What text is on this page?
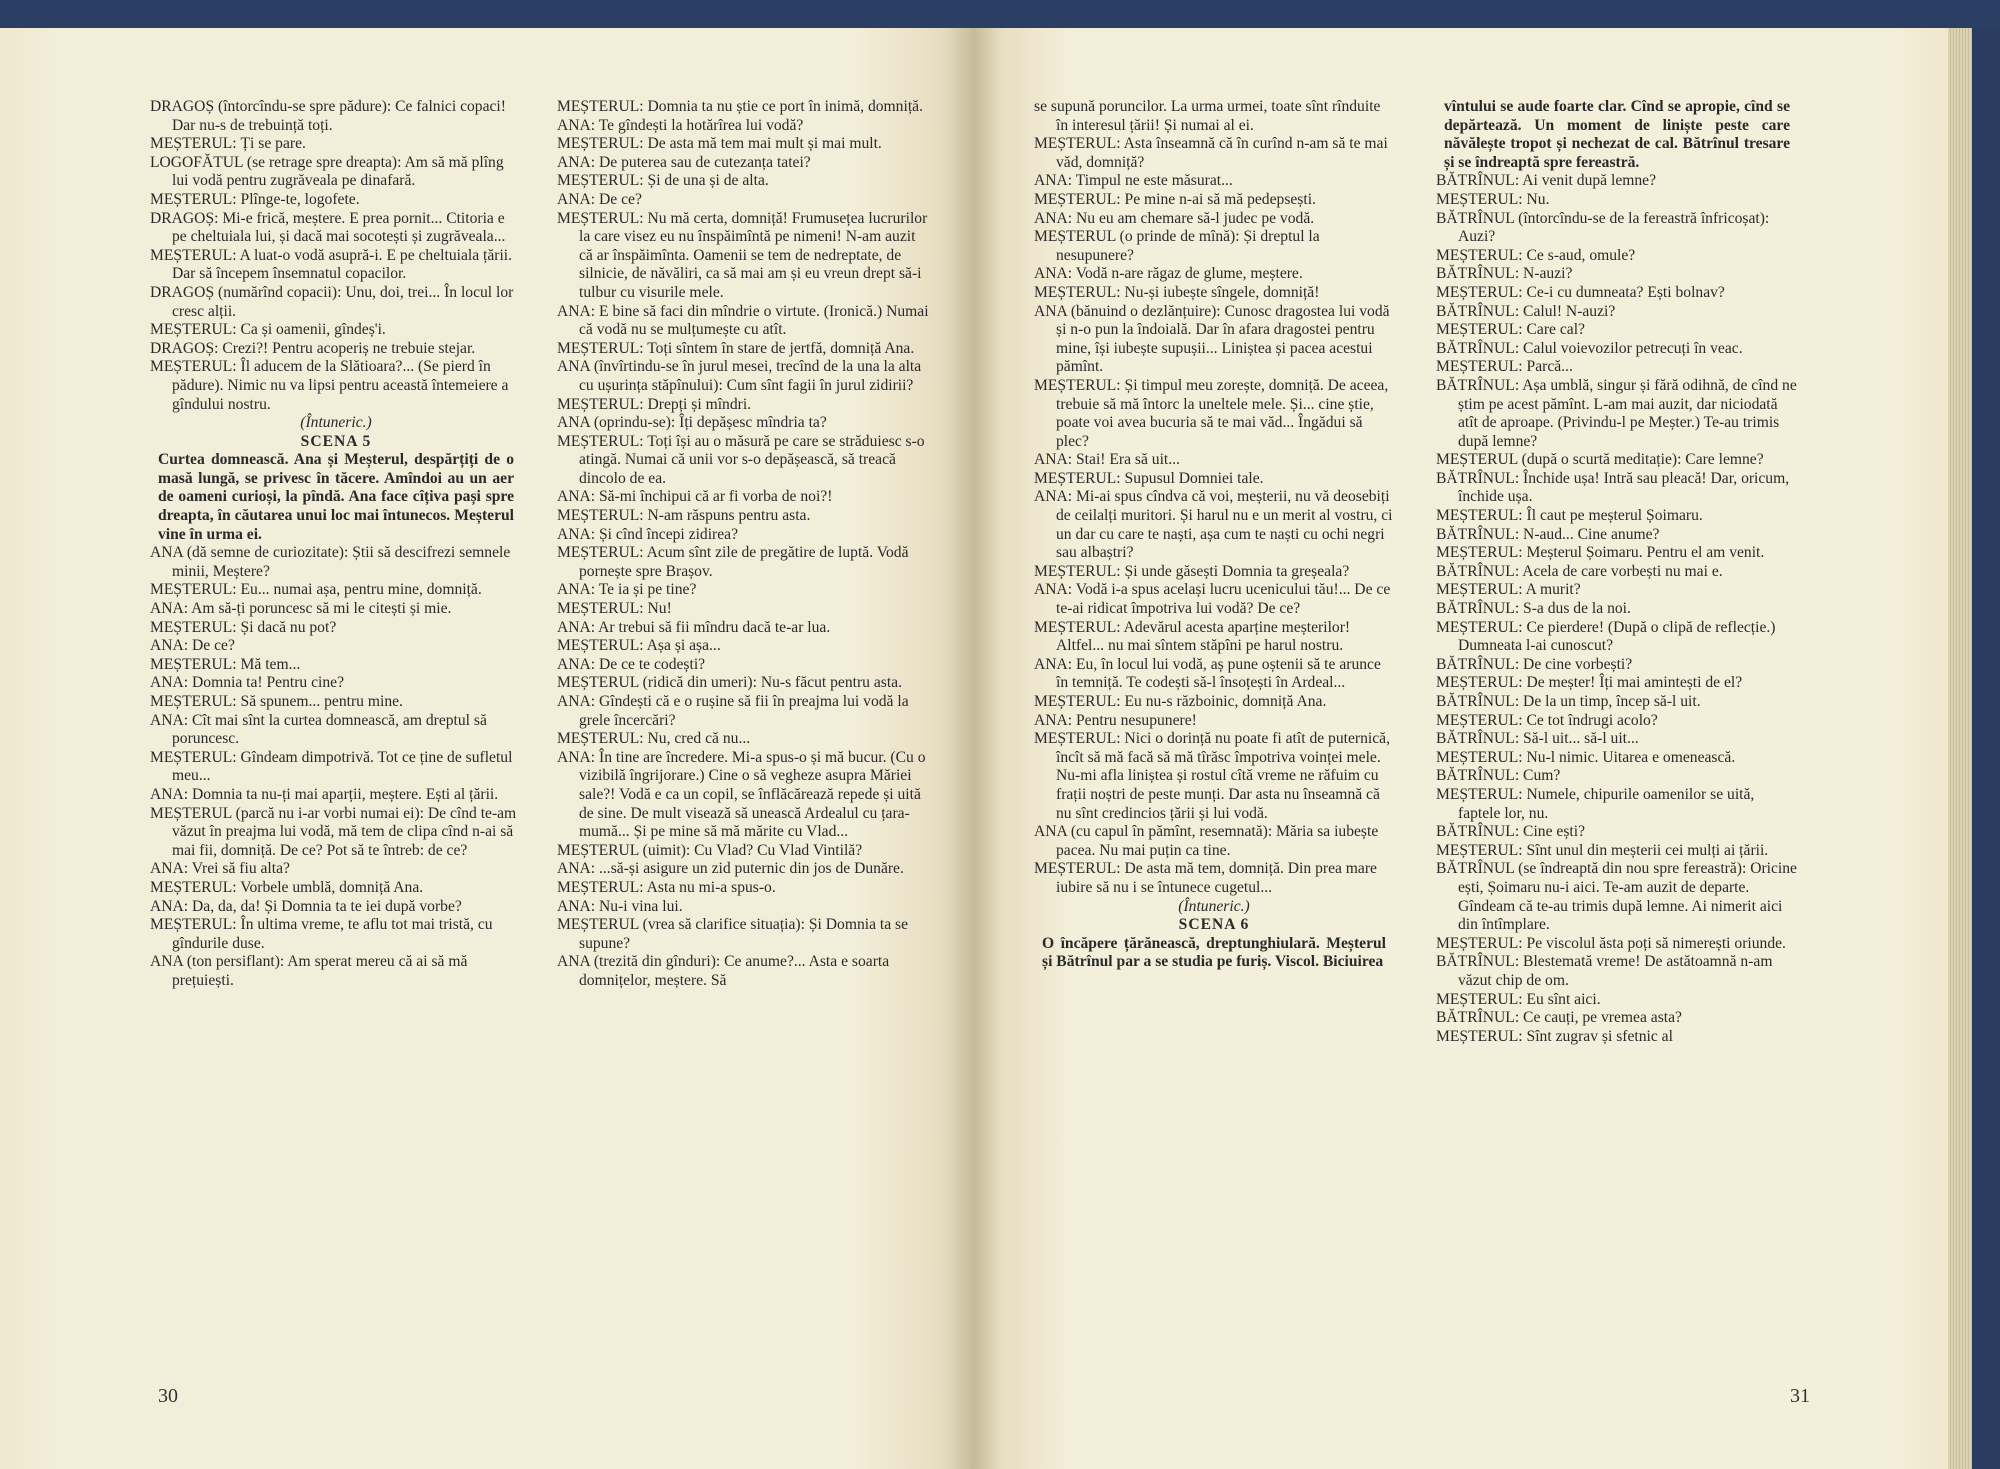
DRAGOȘ (întorcîndu-se spre pădure): Ce falnici copaci! Dar nu-s de trebuință toți.

MEȘTERUL: Ți se pare.

LOGOFĂTUL (se retrage spre dreapta): Am să mă plîng lui vodă pentru zugrăveala pe dinafară.

MEȘTERUL: Plînge-te, logofete.

DRAGOȘ: Mi-e frică, meștere. E prea pornit... Ctitoria e pe cheltuiala lui, și dacă mai socotești și zugrăveala...

MEȘTERUL: A luat-o vodă asupră-i. E pe cheltuiala țării. Dar să începem însemnatul copacilor.

DRAGOȘ (numărînd copacii): Unu, doi, trei... În locul lor cresc alții.

MEȘTERUL: Ca și oamenii, gîndeș'i.

DRAGOȘ: Crezi?! Pentru acoperiș ne trebuie stejar.

MEȘTERUL: Îl aducem de la Slătioara?... (Se pierd în pădure). Nimic nu va lipsi pentru această întemeiere a gîndului nostru.

(Întuneric.)

SCENA 5

Curtea domnească. Ana și Meșterul, despărțiți de o masă lungă, se privesc în tăcere. Amîndoi au un aer de oameni curioși, la pîndă. Ana face cîțiva pași spre dreapta, în căutarea unui loc mai întunecos. Meșterul vine în urma ei.

ANA (dă semne de curiozitate): Știi să descifrezi semnele minii, Meștere?

MEȘTERUL: Eu... numai așa, pentru mine, domniță.

ANA: Am să-ți poruncesc să mi le citești și mie.

MEȘTERUL: Și dacă nu pot?

ANA: De ce?

MEȘTERUL: Mă tem...

ANA: Domnia ta! Pentru cine?

MEȘTERUL: Să spunem... pentru mine.

ANA: Cît mai sînt la curtea domnească, am dreptul să poruncesc.

MEȘTERUL: Gîndeam dimpotrivă. Tot ce ține de sufletul meu...

ANA: Domnia ta nu-ți mai aparții, meștere. Ești al țării.

MEȘTERUL (parcă nu i-ar vorbi numai ei): De cînd te-am văzut în preajma lui vodă, mă tem de clipa cînd n-ai să mai fii, domniță. De ce? Pot să te întreb: de ce?

ANA: Vrei să fiu alta?

MEȘTERUL: Vorbele umblă, domniță Ana.

ANA: Da, da, da! Și Domnia ta te iei după vorbe?

MEȘTERUL: În ultima vreme, te aflu tot mai tristă, cu gîndurile duse.

ANA (ton persiflant): Am sperat mereu că ai să mă prețuiești.

MEȘTERUL: Domnia ta nu știe ce port în inimă, domniță.

ANA: Te gîndești la hotărîrea lui vodă?

MEȘTERUL: De asta mă tem mai mult și mai mult.

ANA: De puterea sau de cutezanța tatei?

MEȘTERUL: Și de una și de alta.

ANA: De ce?

MEȘTERUL: Nu mă certa, domniță! Frumusețea lucrurilor la care visez eu nu înspăimîntă pe nimeni! N-am auzit că ar înspăimînta. Oamenii se tem de nedreptate, de silnicie, de năvăliri, ca să mai am și eu vreun drept să-i tulbur cu visurile mele.

ANA: E bine să faci din mîndrie o virtute. (Ironică.) Numai că vodă nu se mulțumește cu atît.

MEȘTERUL: Toți sîntem în stare de jertfă, domniță Ana.

ANA (învîrtindu-se în jurul mesei, trecînd de la una la alta cu ușurința stăpînului): Cum sînt fagii în jurul zidirii?

MEȘTERUL: Drepți și mîndri.

ANA (oprindu-se): Îți depășesc mîndria ta?

MEȘTERUL: Toți își au o măsură pe care se străduiesc s-o atingă. Numai că unii vor s-o depășească, să treacă dincolo de ea.

ANA: Să-mi închipui că ar fi vorba de noi?!

MEȘTERUL: N-am răspuns pentru asta.

ANA: Și cînd începi zidirea?

MEȘTERUL: Acum sînt zile de pregătire de luptă. Vodă pornește spre Brașov.

ANA: Te ia și pe tine?

MEȘTERUL: Nu!

ANA: Ar trebui să fii mîndru dacă te-ar lua.

MEȘTERUL: Așa și așa...

ANA: De ce te codești?

MEȘTERUL (ridică din umeri): Nu-s făcut pentru asta.

ANA: Gîndești că e o rușine să fii în preajma lui vodă la grele încercări?

MEȘTERUL: Nu, cred că nu...

ANA: În tine are încredere. Mi-a spus-o și mă bucur. (Cu o vizibilă îngrijorare.) Cine o să vegheze asupra Măriei sale?! Vodă e ca un copil, se înflăcărează repede și uită de sine. De mult visează să unească Ardealul cu țara-mumă... Și pe mine să mă mărite cu Vlad...

MEȘTERUL (uimit): Cu Vlad? Cu Vlad Vintilă?

ANA: ...să-și asigure un zid puternic din jos de Dunăre.

MEȘTERUL: Asta nu mi-a spus-o.

ANA: Nu-i vina lui.

MEȘTERUL (vrea să clarifice situația): Și Domnia ta se supune?

ANA (trezită din gînduri): Ce anume?... Asta e soarta domnițelor, meștere. Să

30

se supună poruncilor. La urma urmei, toate sînt rînduite în interesul țării! Și numai al ei.

MEȘTERUL: Asta înseamnă că în curînd n-am să te mai văd, domniță?

ANA: Timpul ne este măsurat...

MEȘTERUL: Pe mine n-ai să mă pedepsești.

ANA: Nu eu am chemare să-l judec pe vodă.

MEȘTERUL (o prinde de mînă): Și dreptul la nesupunere?

ANA: Vodă n-are răgaz de glume, meștere.

MEȘTERUL: Nu-și iubește sîngele, domniță!

ANA (bănuind o dezlănțuire): Cunosc dragostea lui vodă și n-o pun la îndoială. Dar în afara dragostei pentru mine, își iubește supușii... Liniștea și pacea acestui pămînt.

MEȘTERUL: Și timpul meu zorește, domniță. De aceea, trebuie să mă întorc la uneltele mele. Și... cine știe, poate voi avea bucuria să te mai văd... Îngădui să plec?

ANA: Stai! Era să uit...

MEȘTERUL: Supusul Domniei tale.

ANA: Mi-ai spus cîndva că voi, meșterii, nu vă deosebiți de ceilalți muritori. Și harul nu e un merit al vostru, ci un dar cu care te naști, așa cum te naști cu ochi negri sau albaștri?

MEȘTERUL: Și unde găsești Domnia ta greșeala?

ANA: Vodă i-a spus același lucru ucenicului tău!... De ce te-ai ridicat împotriva lui vodă? De ce?

MEȘTERUL: Adevărul acesta aparține meșterilor! Altfel... nu mai sîntem stăpîni pe harul nostru.

ANA: Eu, în locul lui vodă, aș pune oștenii să te arunce în temniță. Te codești să-l însoțești în Ardeal...

MEȘTERUL: Eu nu-s războinic, domniță Ana.

ANA: Pentru nesupunere!

MEȘTERUL: Nici o dorință nu poate fi atît de puternică, încît să mă facă să mă tîrăsc împotriva voinței mele. Nu-mi afla liniștea și rostul cîtă vreme ne răfuim cu frații noștri de peste munți. Dar asta nu înseamnă că nu sînt credincios țării și lui vodă.

ANA (cu capul în pămînt, resemnată): Măria sa iubește pacea. Nu mai puțin ca tine.

MEȘTERUL: De asta mă tem, domniță. Din prea mare iubire să nu i se întunece cugetul...

(Întuneric.)

SCENA 6

O încăpere țărănească, dreptunghiulară. Meșterul și Bătrînul par a se studia pe furiș. Viscol. Biciuirea

vîntului se aude foarte clar. Cînd se apropie, cînd se depărtează. Un moment de liniște peste care năvălește tropot și nechezat de cal. Bătrînul tresare și se îndreaptă spre fereastră.

BĂTRÎNUL: Ai venit după lemne?

MEȘTERUL: Nu.

BĂTRÎNUL (întorcîndu-se de la fereastră înfricoșat): Auzi?

MEȘTERUL: Ce s-aud, omule?

BĂTRÎNUL: N-auzi?

MEȘTERUL: Ce-i cu dumneata? Ești bolnav?

BĂTRÎNUL: Calul! N-auzi?

MEȘTERUL: Care cal?

BĂTRÎNUL: Calul voievozilor petrecuți în veac.

MEȘTERUL: Parcă...

BĂTRÎNUL: Așa umblă, singur și fără odihnă, de cînd ne știm pe acest pămînt. L-am mai auzit, dar niciodată atît de aproape. (Privindu-l pe Meșter.) Te-au trimis după lemne?

MEȘTERUL (după o scurtă meditație): Care lemne?

BĂTRÎNUL: Închide ușa! Intră sau pleacă! Dar, oricum, închide ușa.

MEȘTERUL: Îl caut pe meșterul Șoimaru.

BĂTRÎNUL: N-aud... Cine anume?

MEȘTERUL: Meșterul Șoimaru. Pentru el am venit.

BĂTRÎNUL: Acela de care vorbești nu mai e.

MEȘTERUL: A murit?

BĂTRÎNUL: S-a dus de la noi.

MEȘTERUL: Ce pierdere! (După o clipă de reflecție.) Dumneata l-ai cunoscut?

BĂTRÎNUL: De cine vorbești?

MEȘTERUL: De meșter! Îți mai amintești de el?

BĂTRÎNUL: De la un timp, încep să-l uit.

MEȘTERUL: Ce tot îndrugi acolo?

BĂTRÎNUL: Să-l uit... să-l uit...

MEȘTERUL: Nu-l nimic. Uitarea e omenească.

BĂTRÎNUL: Cum?

MEȘTERUL: Numele, chipurile oamenilor se uită, faptele lor, nu.

BĂTRÎNUL: Cine ești?

MEȘTERUL: Sînt unul din meșterii cei mulți ai țării.

BĂTRÎNUL (se îndreaptă din nou spre fereastră): Oricine ești, Șoimaru nu-i aici. Te-am auzit de departe. Gîndeam că te-au trimis după lemne. Ai nimerit aici din întîmplare.

MEȘTERUL: Pe viscolul ăsta poți să nimerești oriunde.

BĂTRÎNUL: Blestemată vreme! De astătoamnă n-am văzut chip de om.

MEȘTERUL: Eu sînt aici.

BĂTRÎNUL: Ce cauți, pe vremea asta?

MEȘTERUL: Sînt zugrav și sfetnic al

31
